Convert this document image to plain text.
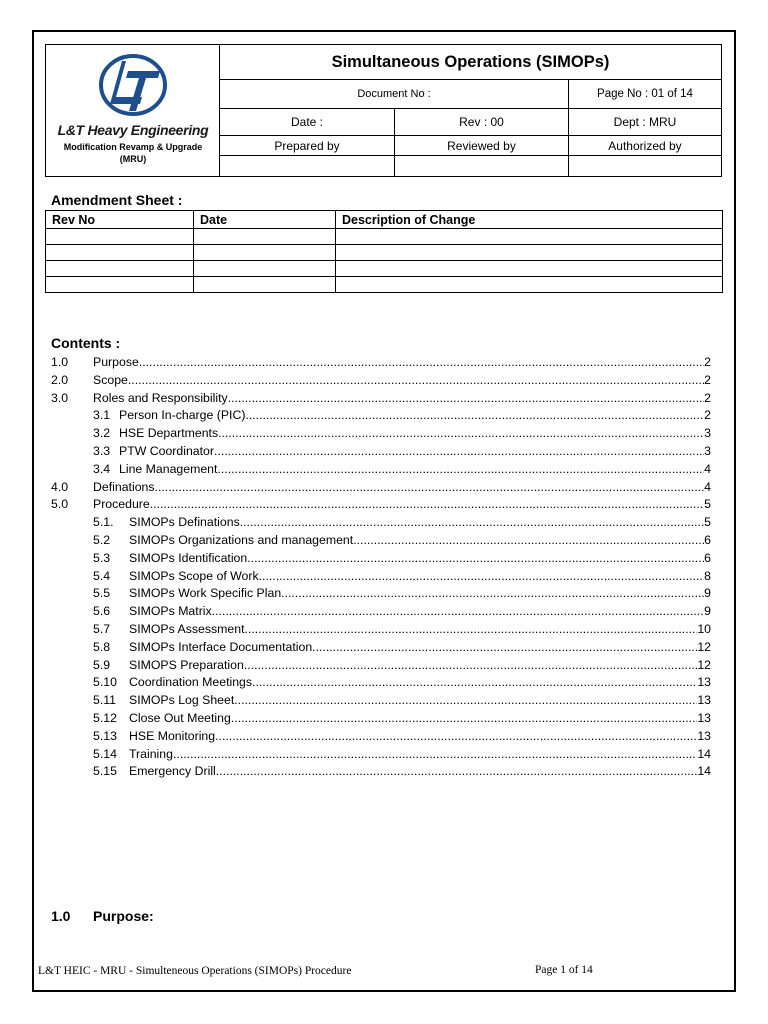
L&T Heavy Engineering
Modification Revamp & Upgrade (MRU)
Simultaneous Operations (SIMOPs)
Document No :	Page No : 01 of 14
Date :	Rev : 00	Dept : MRU
Prepared by	Reviewed by	Authorized by
Amendment Sheet :
Rev No	Date	Description of Change

Contents :
1.0	Purpose .....	2
2.0	Scope .....	2
3.0	Roles and Responsibility .....	2
3.1 Person In-charge (PIC) .....	2
3.2 HSE Departments .....	3
3.3 PTW Coordinator .....	3
3.4 Line Management .....	4
4.0	Definations .....	4
5.0	Procedure .....	5
5.1.	SIMOPs Definations .....	5
5.2	SIMOPs Organizations and management .....	6
5.3	SIMOPs Identification .....	6
5.4	SIMOPs Scope of Work .....	8
5.5	SIMOPs Work Specific Plan .....	9
5.6	SIMOPs Matrix .....	9
5.7	SIMOPs Assessment .....	10
5.8	SIMOPs Interface Documentation .....	12
5.9	SIMOPS Preparation .....	12
5.10 Coordination Meetings .....	13
5.11	SIMOPs Log Sheet .....	13
5.12 Close Out Meeting .....	13
5.13 HSE Monitoring .....	13
5.14 Training .....	14
5.15 Emergency Drill .....	14
1.0 Purpose:
L&T HEIC - MRU - Simulteneous Operations (SIMOPs) Procedure	Page 1 of 14
